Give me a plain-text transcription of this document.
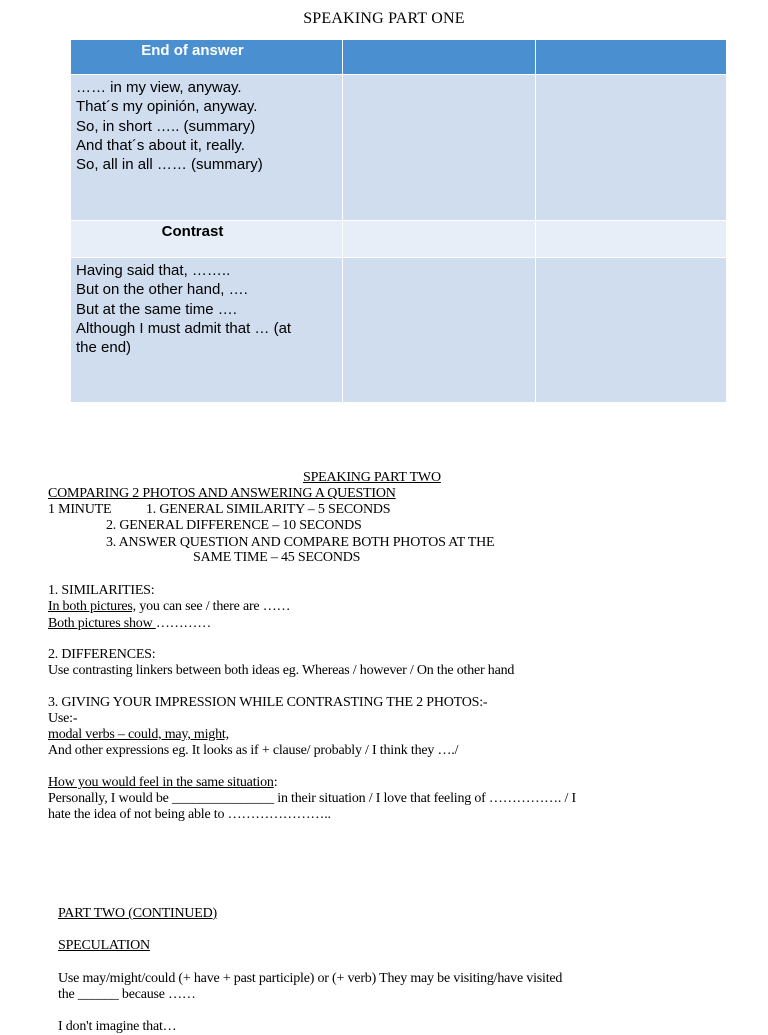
SPEAKING PART ONE
End of answer		

…… in my view, anyway.
That´s my opinión, anyway.
So, in short ….. (summary)
And that´s about it, really.
So, all in all …… (summary)		

Contrast		

Having said that, ……..
But on the other hand, ….
But at the same time ….
Although I must admit that … (at
the end)		

SPEAKING PART TWO
COMPARING 2 PHOTOS AND ANSWERING A QUESTION
1 MINUTE 1. GENERAL SIMILARITY – 5 SECONDS
2. GENERAL DIFFERENCE – 10 SECONDS
3. ANSWER QUESTION AND COMPARE BOTH PHOTOS AT THE
SAME TIME – 45 SECONDS
1. SIMILARITIES:
In both pictures, you can see / there are ……
Both pictures show …………
2. DIFFERENCES:
Use contrasting linkers between both ideas eg. Whereas / however / On the other hand
3. GIVING YOUR IMPRESSION WHILE CONTRASTING THE 2 PHOTOS:-
Use:-
modal verbs – could, may, might,
And other expressions eg. It looks as if + clause/ probably / I think they …./
How you would feel in the same situation:
Personally, I would be _______________ in their situation / I love that feeling of ……………. / I
hate the idea of not being able to …………………..
PART TWO (CONTINUED)
SPECULATION
Use may/might/could (+ have + past participle) or (+ verb) They may be visiting/have visited
the ______ because ……
I don't imagine that…
